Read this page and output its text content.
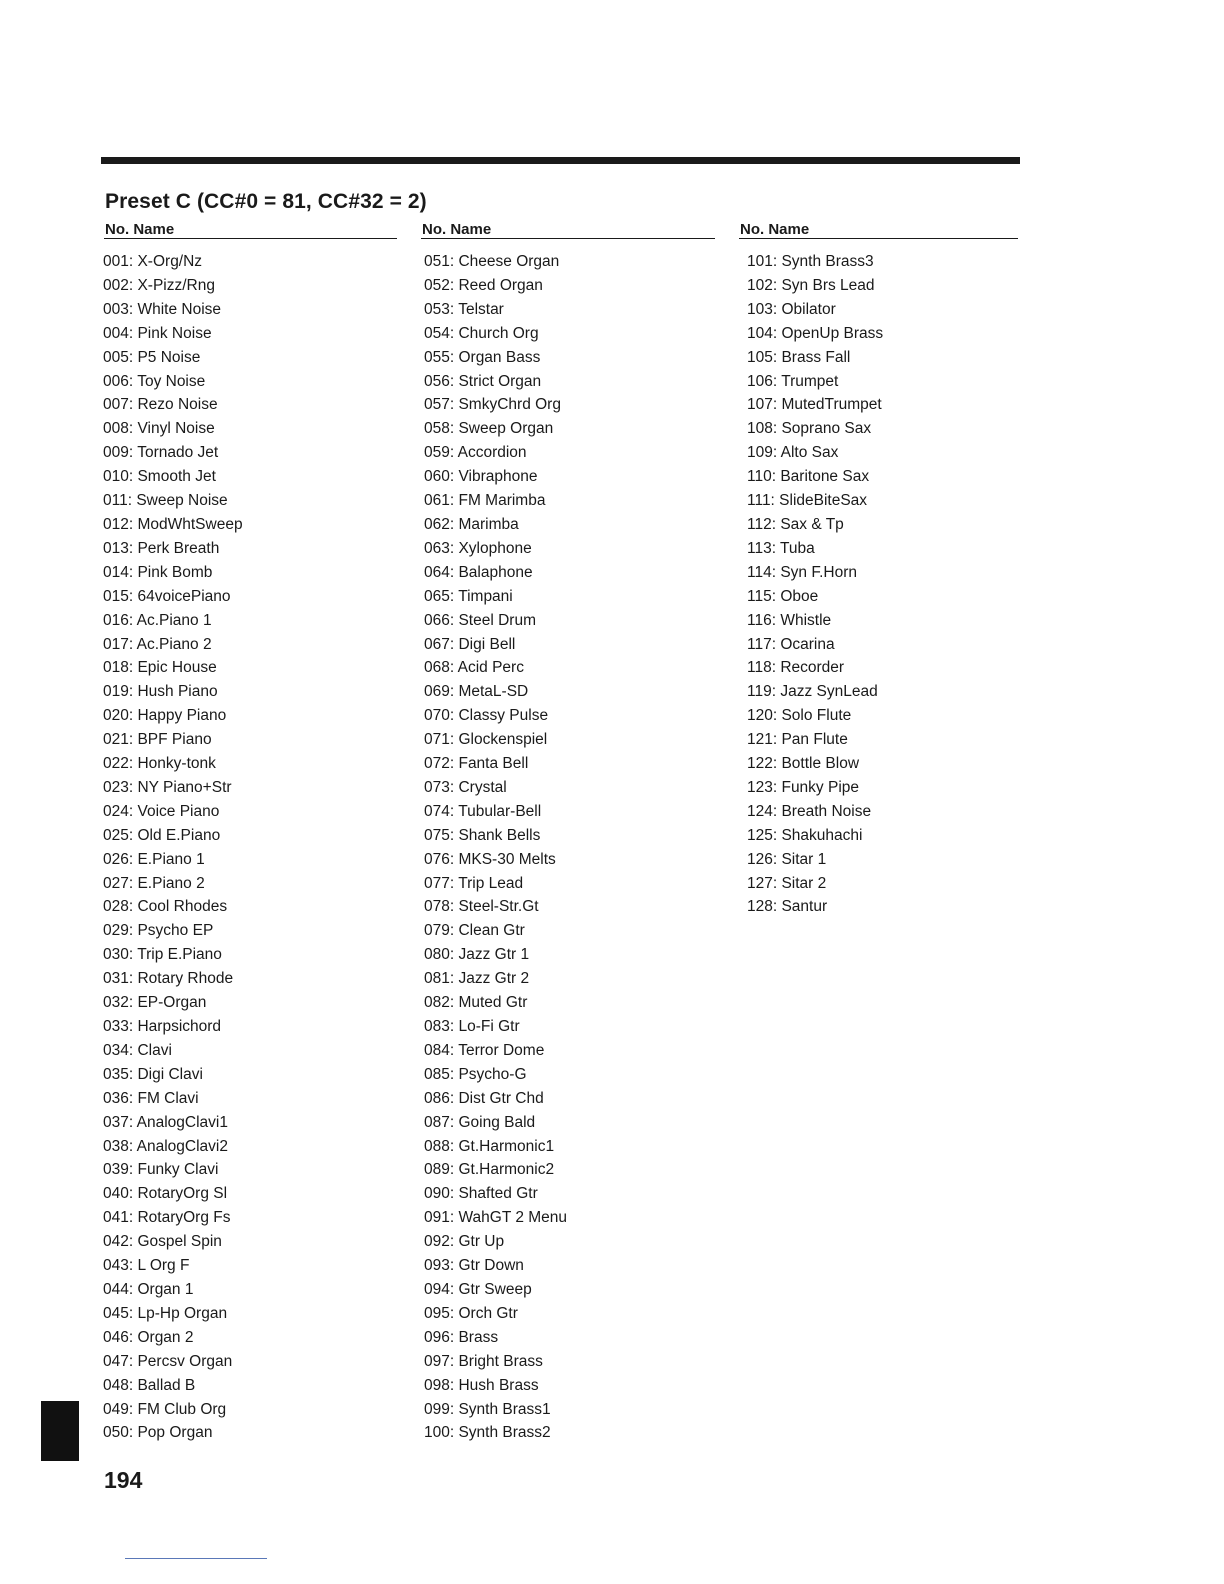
Preset C (CC#0 = 81, CC#32 = 2)
No. Name	No. Name	No. Name
001: X-Org/Nz
002: X-Pizz/Rng
003: White Noise
004: Pink Noise
005: P5 Noise
006: Toy Noise
007: Rezo Noise
008: Vinyl Noise
009: Tornado Jet
010: Smooth Jet
011: Sweep Noise
012: ModWhtSweep
013: Perk Breath
014: Pink Bomb
015: 64voicePiano
016: Ac.Piano 1
017: Ac.Piano 2
018: Epic House
019: Hush Piano
020: Happy Piano
021: BPF Piano
022: Honky-tonk
023: NY Piano+Str
024: Voice Piano
025: Old E.Piano
026: E.Piano 1
027: E.Piano 2
028: Cool Rhodes
029: Psycho EP
030: Trip E.Piano
031: Rotary Rhode
032: EP-Organ
033: Harpsichord
034: Clavi
035: Digi Clavi
036: FM Clavi
037: AnalogClavi1
038: AnalogClavi2
039: Funky Clavi
040: RotaryOrg Sl
041: RotaryOrg Fs
042: Gospel Spin
043: L Org F
044: Organ 1
045: Lp-Hp Organ
046: Organ 2
047: Percsv Organ
048: Ballad B
049: FM Club Org
050: Pop Organ
051: Cheese Organ
052: Reed Organ
053: Telstar
054: Church Org
055: Organ Bass
056: Strict Organ
057: SmkyChrd Org
058: Sweep Organ
059: Accordion
060: Vibraphone
061: FM Marimba
062: Marimba
063: Xylophone
064: Balaphone
065: Timpani
066: Steel Drum
067: Digi Bell
068: Acid Perc
069: MetaL-SD
070: Classy Pulse
071: Glockenspiel
072: Fanta Bell
073: Crystal
074: Tubular-Bell
075: Shank Bells
076: MKS-30 Melts
077: Trip Lead
078: Steel-Str.Gt
079: Clean Gtr
080: Jazz Gtr 1
081: Jazz Gtr 2
082: Muted Gtr
083: Lo-Fi Gtr
084: Terror Dome
085: Psycho-G
086: Dist Gtr Chd
087: Going Bald
088: Gt.Harmonic1
089: Gt.Harmonic2
090: Shafted Gtr
091: WahGT 2 Menu
092: Gtr Up
093: Gtr Down
094: Gtr Sweep
095: Orch Gtr
096: Brass
097: Bright Brass
098: Hush Brass
099: Synth Brass1
100: Synth Brass2
101: Synth Brass3
102: Syn Brs Lead
103: Obilator
104: OpenUp Brass
105: Brass Fall
106: Trumpet
107: MutedTrumpet
108: Soprano Sax
109: Alto Sax
110: Baritone Sax
111: SlideBiteSax
112: Sax & Tp
113: Tuba
114: Syn F.Horn
115: Oboe
116: Whistle
117: Ocarina
118: Recorder
119: Jazz SynLead
120: Solo Flute
121: Pan Flute
122: Bottle Blow
123: Funky Pipe
124: Breath Noise
125: Shakuhachi
126: Sitar 1
127: Sitar 2
128: Santur
194
